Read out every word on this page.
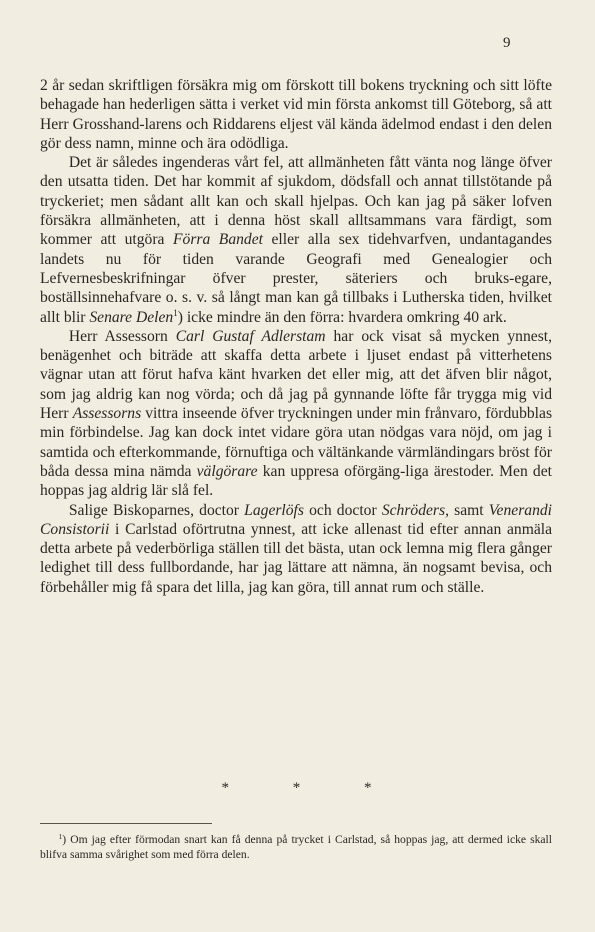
9

2 år sedan skriftligen försäkra mig om förskott till bokens tryckning och sitt löfte behagade han hederligen sätta i verket vid min första ankomst till Göteborg, så att Herr Grosshand-larens och Riddarens eljest väl kända ädelmod endast i den delen gör dess namn, minne och ära odödliga.

Det är således ingenderas vårt fel, att allmänheten fått vänta nog länge öfver den utsatta tiden. Det har kommit af sjukdom, dödsfall och annat tillstötande på tryckeriet; men sådant allt kan och skall hjelpas. Och kan jag på säker lofven försäkra allmänheten, att i denna höst skall alltsammans vara färdigt, som kommer att utgöra Förra Bandet eller alla sex tidehvarfven, undantagandes landets nu för tiden varande Geografi med Genealogier och Lefvernesbeskrifningar öfver prester, säteriers och bruks-egare, boställsinnehafvare o. s. v. så långt man kan gå tillbaks i Lutherska tiden, hvilket allt blir Senare Delen$^1$) icke mindre än den förra: hvardera omkring 40 ark.

Herr Assessorn Carl Gustaf Adlerstam har ock visat så mycken ynnest, benägenhet och biträde att skaffa detta arbete i ljuset endast på vitterhetens vägnar utan att förut hafva känt hvarken det eller mig, att det äfven blir något, som jag aldrig kan nog vörda; och då jag på gynnande löfte får trygga mig vid Herr Assessorns vittra inseende öfver tryckningen under min frånvaro, fördubblas min förbindelse. Jag kan dock intet vidare göra utan nödgas vara nöjd, om jag i samtida och efterkommande, förnuftiga och vältänkande värmländingars bröst för båda dessa mina nämda välgörare kan uppresa oförgäng-liga ärestoder. Men det hoppas jag aldrig lär slå fel.

Salige Biskoparnes, doctor Lagerlöfs och doctor Schröders, samt Venerandi Consistorii i Carlstad oförtrutna ynnest, att icke allenast tid efter annan anmäla detta arbete på vederbörliga ställen till det bästa, utan ock lemna mig flera gånger ledighet till dess fullbordande, har jag lättare att nämna, än nogsamt bevisa, och förbehåller mig få spara det lilla, jag kan göra, till annat rum och ställe.

* * *

$^1$) Om jag efter förmodan snart kan få denna på trycket i Carlstad, så hoppas jag, att dermed icke skall blifva samma svårighet som med förra delen.
